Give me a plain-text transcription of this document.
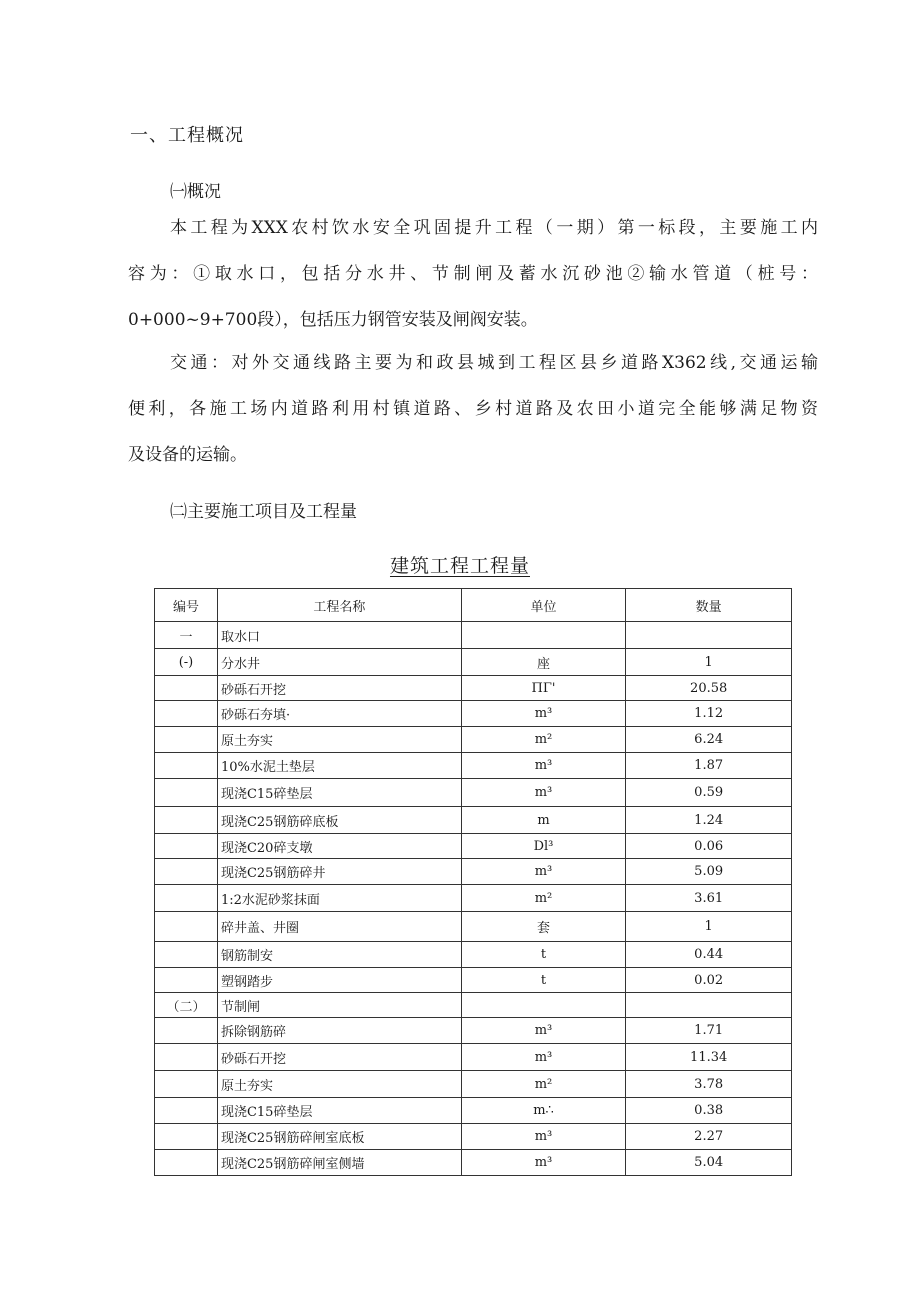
一、工程概况
㈠概况
本工程为XXX农村饮水安全巩固提升工程（一期）第一标段，主要施工内
容为：①取水口，包括分水井、节制闸及蓄水沉砂池②输水管道（桩号：
0+000~9+700段），包括压力钢管安装及闸阀安装。
交通：对外交通线路主要为和政县城到工程区县乡道路X362线,交通运输
便利，各施工场内道路利用村镇道路、乡村道路及农田小道完全能够满足物资
及设备的运输。
㈡主要施工项目及工程量
建筑工程工程量
编号	工程名称	单位	数量
一	取水口		
(-)	分水井	座	1
	砂砾石开挖	ΠΓ'	20.58
	砂砾石夯填·	m³	1.12
	原土夯实	m²	6.24
	10%水泥土垫层	m³	1.87
	现浇C15碎垫层	m³	0.59
	现浇C25钢筋碎底板	m	1.24
	现浇C20碎支墩	Dl³	0.06
	现浇C25钢筋碎井	m³	5.09
	1:2水泥砂浆抹面	m²	3.61
	碎井盖、井圈	套	1
	钢筋制安	t	0.44
	塑钢踏步	t	0.02
（二）	节制闸		
	拆除钢筋碎	m³	1.71
	砂砾石开挖	m³	11.34
	原土夯实	m²	3.78
	现浇C15碎垫层	m∴	0.38
	现浇C25钢筋碎闸室底板	m³	2.27
	现浇C25钢筋碎闸室侧墙	m³	5.04
